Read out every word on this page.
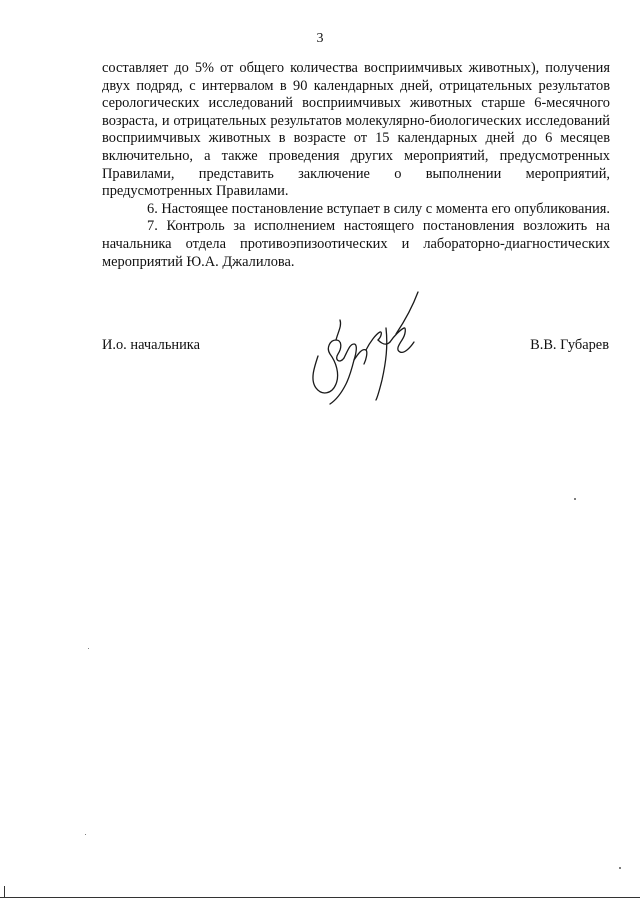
3

составляет до 5% от общего количества восприимчивых животных), получения двух подряд, с интервалом в 90 календарных дней, отрицательных результатов серологических исследований восприимчивых животных старше 6-месячного возраста, и отрицательных результатов молекулярно-биологических исследований восприимчивых животных в возрасте от 15 календарных дней до 6 месяцев включительно, а также проведения других мероприятий, предусмотренных Правилами, представить заключение о выполнении мероприятий, предусмотренных Правилами.

6. Настоящее постановление вступает в силу с момента его опубликования.

7. Контроль за исполнением настоящего постановления возложить на начальника отдела противоэпизоотических и лабораторно-диагностических мероприятий Ю.А. Джалилова.

И.о. начальника	В.В. Губарев
